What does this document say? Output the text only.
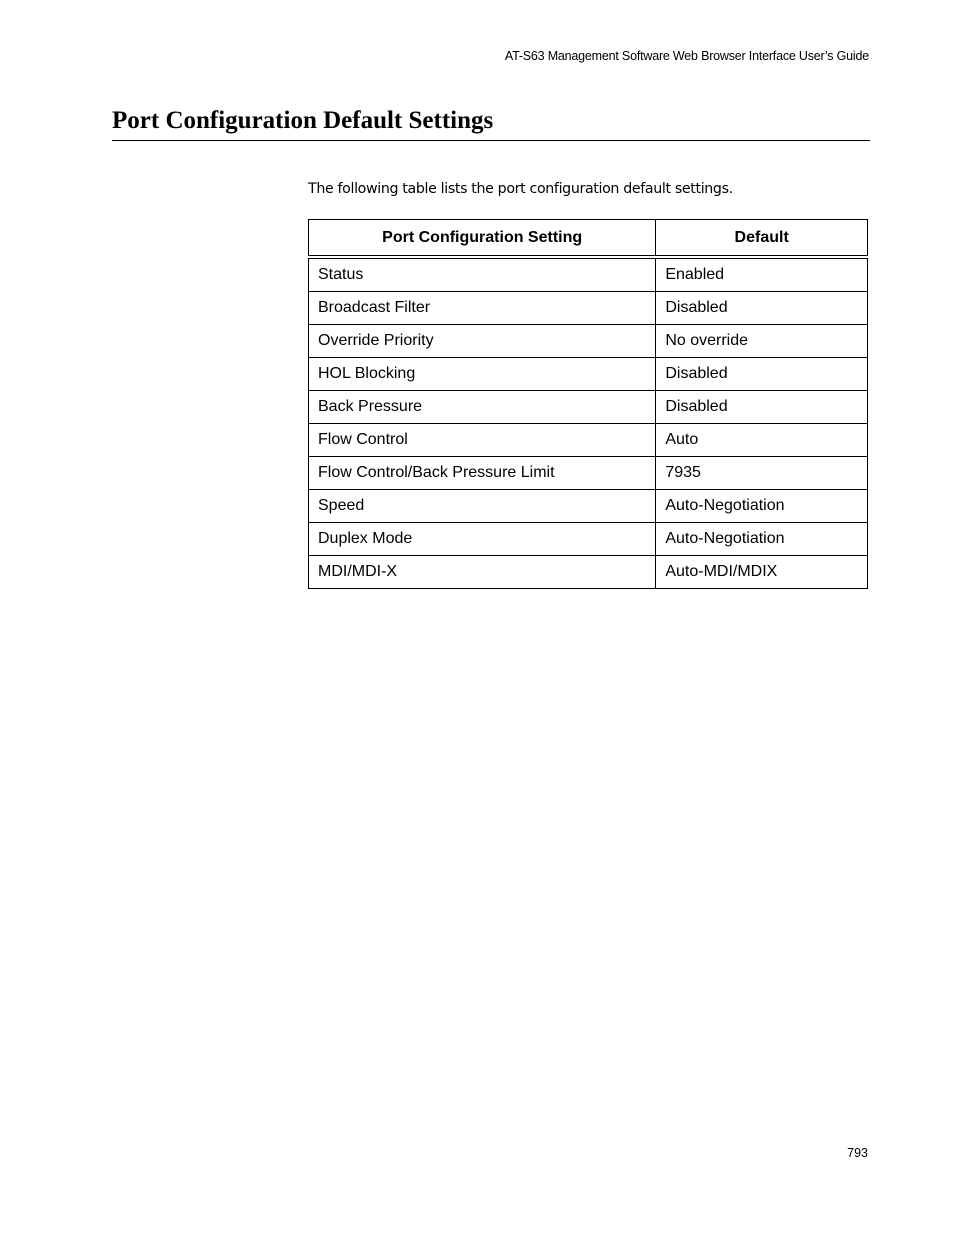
AT-S63 Management Software Web Browser Interface User’s Guide
Port Configuration Default Settings

The following table lists the port configuration default settings.

Port Configuration Setting	Default
Status	Enabled
Broadcast Filter	Disabled
Override Priority	No override
HOL Blocking	Disabled
Back Pressure	Disabled
Flow Control	Auto
Flow Control/Back Pressure Limit	7935
Speed	Auto-Negotiation
Duplex Mode	Auto-Negotiation
MDI/MDI-X	Auto-MDI/MDIX
793
